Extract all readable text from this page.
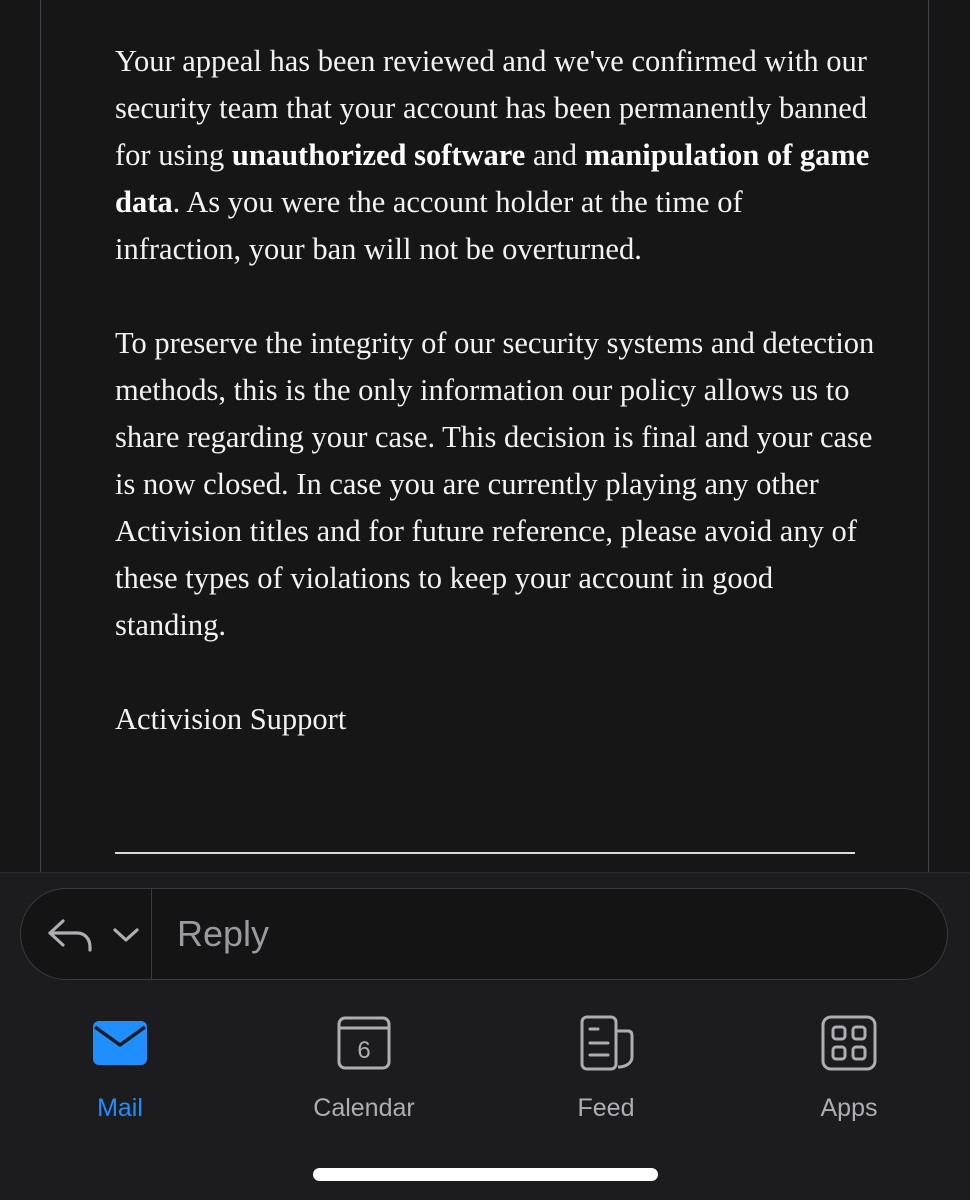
Your appeal has been reviewed and we've confirmed with our security team that your account has been permanently banned for using unauthorized software and manipulation of game data. As you were the account holder at the time of infraction, your ban will not be overturned.

To preserve the integrity of our security systems and detection methods, this is the only information our policy allows us to share regarding your case. This decision is final and your case is now closed. In case you are currently playing any other Activision titles and for future reference, please avoid any of these types of violations to keep your account in good standing.

Activision Support

Reply
Mail
6
Calendar	Feed	Apps
